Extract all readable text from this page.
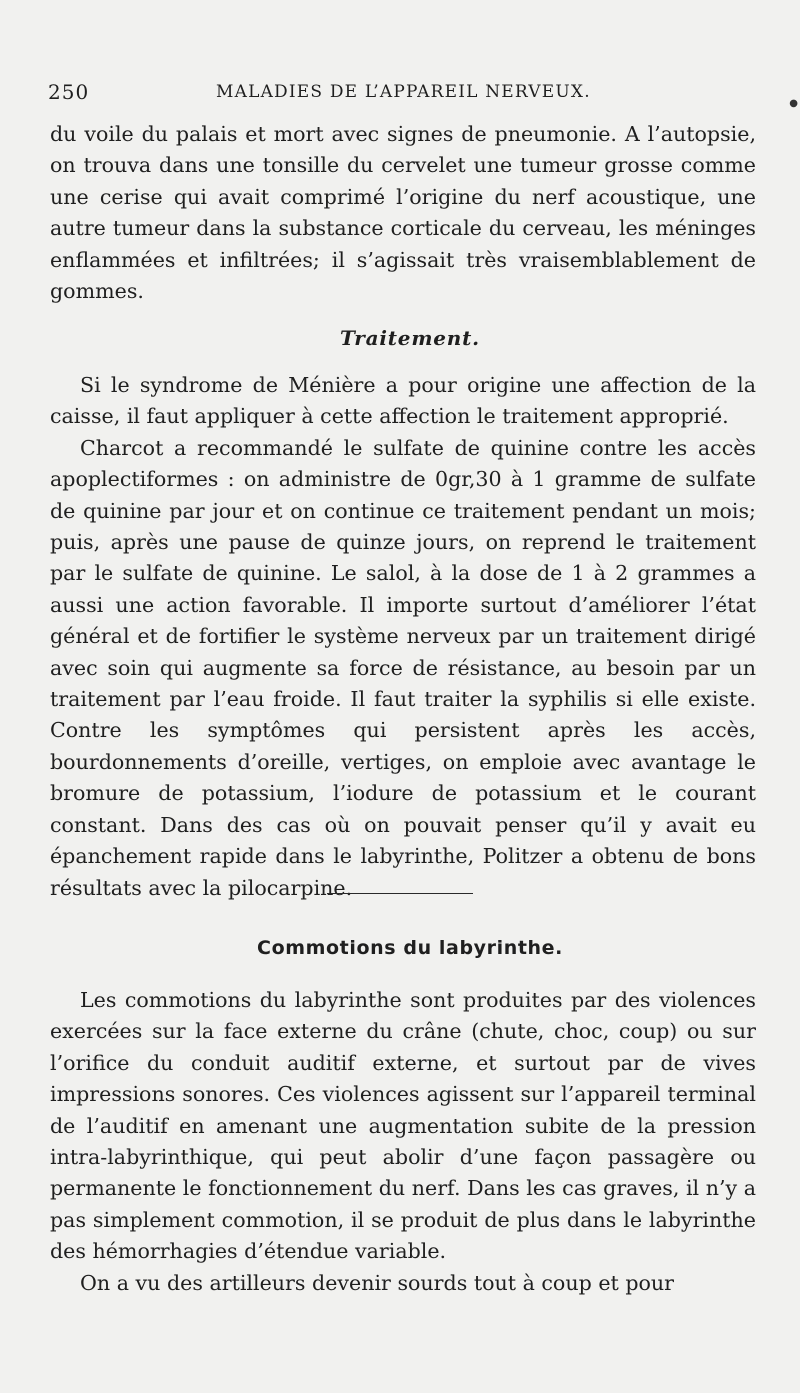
250	MALADIES DE L’APPAREIL NERVEUX.
●

du voile du palais et mort avec signes de pneumonie. A l’autopsie, on trouva dans une tonsille du cervelet une tumeur grosse comme une cerise qui avait comprimé l’origine du nerf acoustique, une autre tumeur dans la substance corticale du cerveau, les méninges enflammées et infiltrées; il s’agissait très vraisemblablement de gommes.

Traitement.

Si le syndrome de Ménière a pour origine une affection de la caisse, il faut appliquer à cette affection le traitement approprié.

Charcot a recommandé le sulfate de quinine contre les accès apoplectiformes : on administre de 0gr,30 à 1 gramme de sulfate de quinine par jour et on continue ce traitement pendant un mois; puis, après une pause de quinze jours, on reprend le traitement par le sulfate de quinine. Le salol, à la dose de 1 à 2 grammes a aussi une action favorable. Il importe surtout d’améliorer l’état général et de fortifier le système nerveux par un traitement dirigé avec soin qui augmente sa force de résistance, au besoin par un traitement par l’eau froide. Il faut traiter la syphilis si elle existe. Contre les symptômes qui persistent après les accès, bourdonnements d’oreille, vertiges, on emploie avec avantage le bromure de potassium, l’iodure de potassium et le courant constant. Dans des cas où on pouvait penser qu’il y avait eu épanchement rapide dans le labyrinthe, Politzer a obtenu de bons résultats avec la pilocarpine.

Commotions du labyrinthe.

Les commotions du labyrinthe sont produites par des violences exercées sur la face externe du crâne (chute, choc, coup) ou sur l’orifice du conduit auditif externe, et surtout par de vives impressions sonores. Ces violences agissent sur l’appareil terminal de l’auditif en amenant une augmentation subite de la pression intra-labyrinthique, qui peut abolir d’une façon passagère ou permanente le fonctionnement du nerf. Dans les cas graves, il n’y a pas simplement commotion, il se produit de plus dans le labyrinthe des hémorrhagies d’étendue variable.

On a vu des artilleurs devenir sourds tout à coup et pour
